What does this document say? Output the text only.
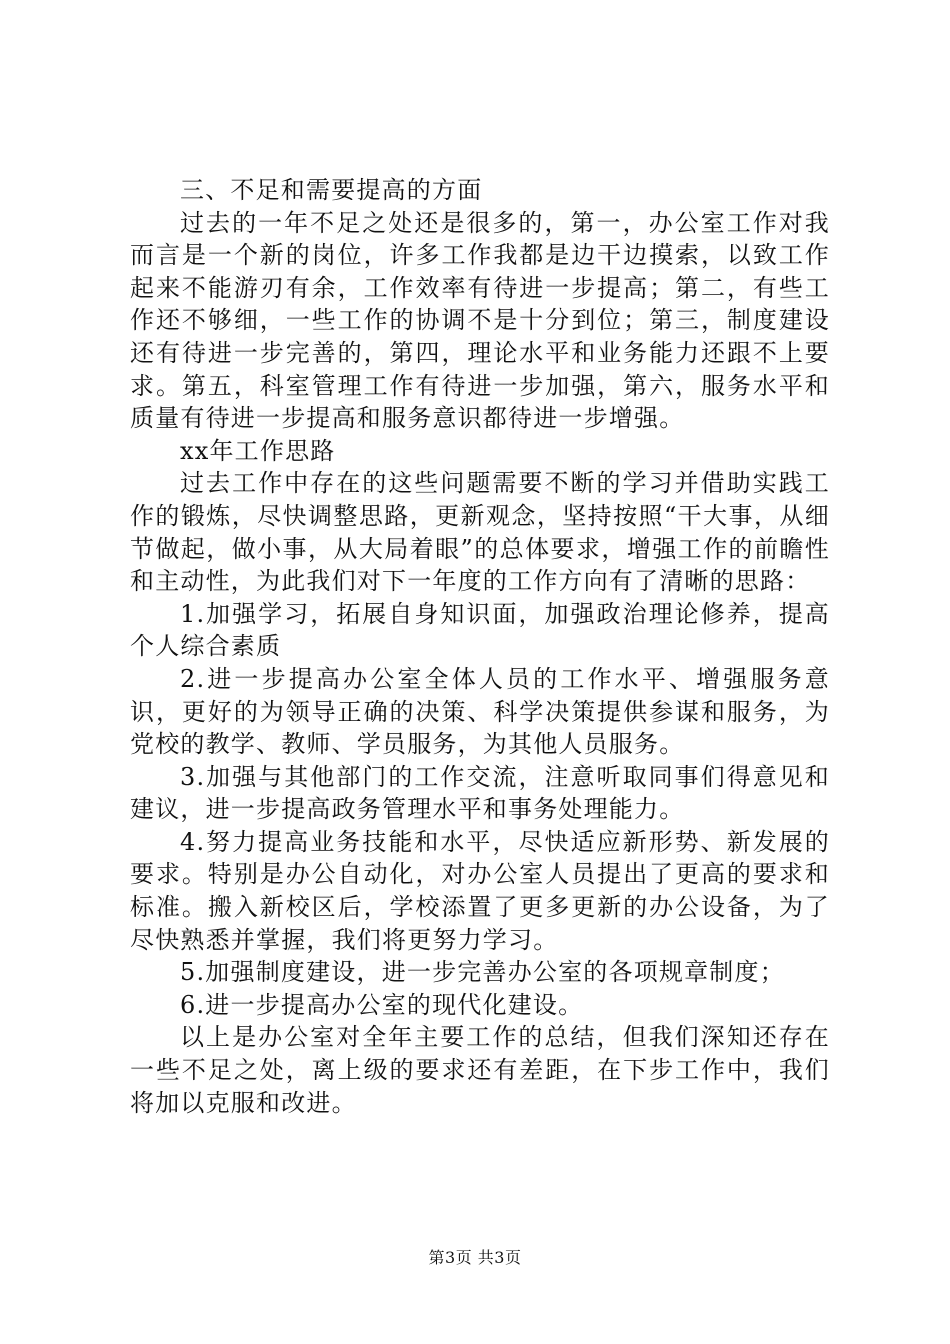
三、不足和需要提高的方面

过去的一年不足之处还是很多的，第一，办公室工作对我而言是一个新的岗位，许多工作我都是边干边摸索，以致工作起来不能游刃有余，工作效率有待进一步提高；第二，有些工作还不够细，一些工作的协调不是十分到位；第三，制度建设还有待进一步完善的，第四，理论水平和业务能力还跟不上要求。第五，科室管理工作有待进一步加强，第六，服务水平和质量有待进一步提高和服务意识都待进一步增强。

xx年工作思路

过去工作中存在的这些问题需要不断的学习并借助实践工作的锻炼，尽快调整思路，更新观念，坚持按照“干大事，从细节做起，做小事，从大局着眼”的总体要求，增强工作的前瞻性和主动性，为此我们对下一年度的工作方向有了清晰的思路：

1.加强学习，拓展自身知识面，加强政治理论修养，提高个人综合素质

2.进一步提高办公室全体人员的工作水平、增强服务意识，更好的为领导正确的决策、科学决策提供参谋和服务，为党校的教学、教师、学员服务，为其他人员服务。

3.加强与其他部门的工作交流，注意听取同事们得意见和建议，进一步提高政务管理水平和事务处理能力。

4.努力提高业务技能和水平，尽快适应新形势、新发展的要求。特别是办公自动化，对办公室人员提出了更高的要求和标准。搬入新校区后，学校添置了更多更新的办公设备，为了尽快熟悉并掌握，我们将更努力学习。

5.加强制度建设，进一步完善办公室的各项规章制度；

6.进一步提高办公室的现代化建设。

以上是办公室对全年主要工作的总结，但我们深知还存在一些不足之处，离上级的要求还有差距，在下步工作中，我们将加以克服和改进。

第3页 共3页
